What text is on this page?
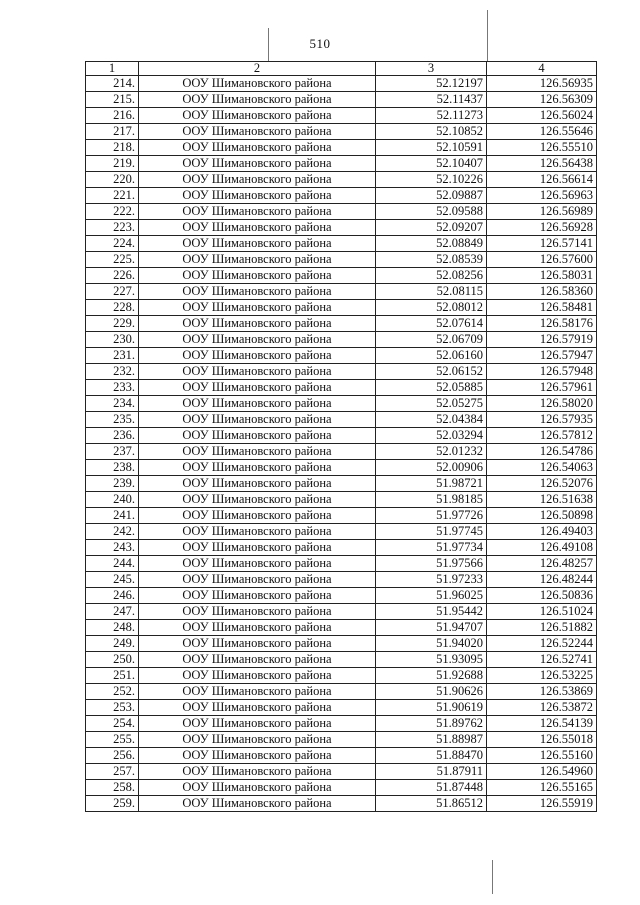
510
1	2	3	4
214.	ООУ Шимановского района	52.12197	126.56935
215.	ООУ Шимановского района	52.11437	126.56309
216.	ООУ Шимановского района	52.11273	126.56024
217.	ООУ Шимановского района	52.10852	126.55646
218.	ООУ Шимановского района	52.10591	126.55510
219.	ООУ Шимановского района	52.10407	126.56438
220.	ООУ Шимановского района	52.10226	126.56614
221.	ООУ Шимановского района	52.09887	126.56963
222.	ООУ Шимановского района	52.09588	126.56989
223.	ООУ Шимановского района	52.09207	126.56928
224.	ООУ Шимановского района	52.08849	126.57141
225.	ООУ Шимановского района	52.08539	126.57600
226.	ООУ Шимановского района	52.08256	126.58031
227.	ООУ Шимановского района	52.08115	126.58360
228.	ООУ Шимановского района	52.08012	126.58481
229.	ООУ Шимановского района	52.07614	126.58176
230.	ООУ Шимановского района	52.06709	126.57919
231.	ООУ Шимановского района	52.06160	126.57947
232.	ООУ Шимановского района	52.06152	126.57948
233.	ООУ Шимановского района	52.05885	126.57961
234.	ООУ Шимановского района	52.05275	126.58020
235.	ООУ Шимановского района	52.04384	126.57935
236.	ООУ Шимановского района	52.03294	126.57812
237.	ООУ Шимановского района	52.01232	126.54786
238.	ООУ Шимановского района	52.00906	126.54063
239.	ООУ Шимановского района	51.98721	126.52076
240.	ООУ Шимановского района	51.98185	126.51638
241.	ООУ Шимановского района	51.97726	126.50898
242.	ООУ Шимановского района	51.97745	126.49403
243.	ООУ Шимановского района	51.97734	126.49108
244.	ООУ Шимановского района	51.97566	126.48257
245.	ООУ Шимановского района	51.97233	126.48244
246.	ООУ Шимановского района	51.96025	126.50836
247.	ООУ Шимановского района	51.95442	126.51024
248.	ООУ Шимановского района	51.94707	126.51882
249.	ООУ Шимановского района	51.94020	126.52244
250.	ООУ Шимановского района	51.93095	126.52741
251.	ООУ Шимановского района	51.92688	126.53225
252.	ООУ Шимановского района	51.90626	126.53869
253.	ООУ Шимановского района	51.90619	126.53872
254.	ООУ Шимановского района	51.89762	126.54139
255.	ООУ Шимановского района	51.88987	126.55018
256.	ООУ Шимановского района	51.88470	126.55160
257.	ООУ Шимановского района	51.87911	126.54960
258.	ООУ Шимановского района	51.87448	126.55165
259.	ООУ Шимановского района	51.86512	126.55919
